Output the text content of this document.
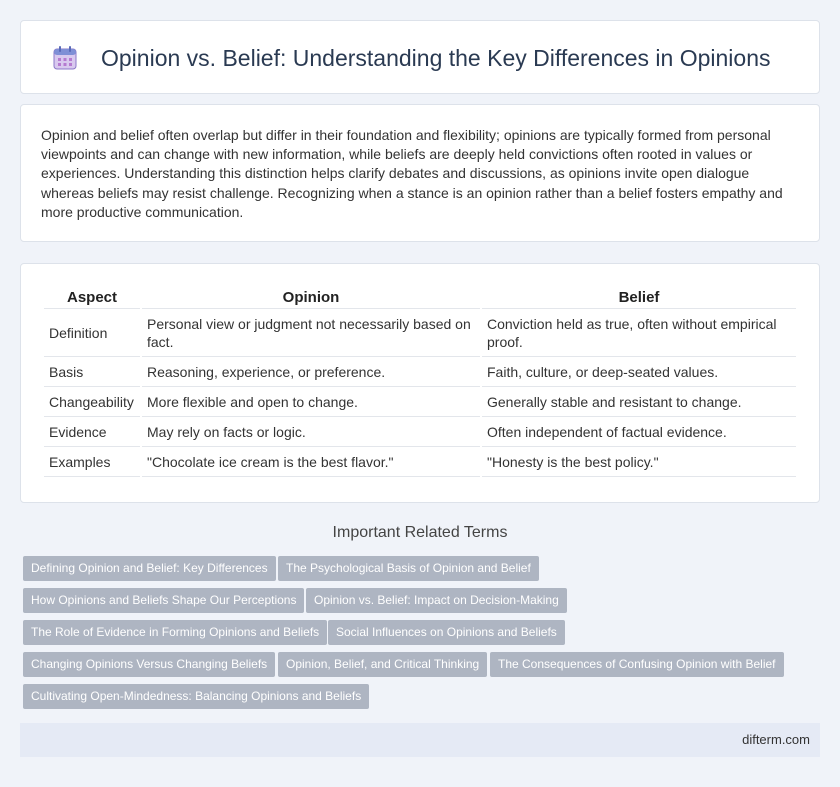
Opinion vs. Belief: Understanding the Key Differences in Opinions

Opinion and belief often overlap but differ in their foundation and flexibility; opinions are typically formed from personal viewpoints and can change with new information, while beliefs are deeply held convictions often rooted in values or experiences. Understanding this distinction helps clarify debates and discussions, as opinions invite open dialogue whereas beliefs may resist challenge. Recognizing when a stance is an opinion rather than a belief fosters empathy and more productive communication.

Aspect	Opinion	Belief
Definition	Personal view or judgment not necessarily based on fact.	Conviction held as true, often without empirical proof.
Basis	Reasoning, experience, or preference.	Faith, culture, or deep-seated values.
Changeability	More flexible and open to change.	Generally stable and resistant to change.
Evidence	May rely on facts or logic.	Often independent of factual evidence.
Examples	"Chocolate ice cream is the best flavor."	"Honesty is the best policy."
Important Related Terms
Defining Opinion and Belief: Key Differences	The Psychological Basis of Opinion and Belief
How Opinions and Beliefs Shape Our Perceptions	Opinion vs. Belief: Impact on Decision-Making
The Role of Evidence in Forming Opinions and Beliefs	Social Influences on Opinions and Beliefs
Changing Opinions Versus Changing Beliefs	Opinion, Belief, and Critical Thinking	The Consequences of Confusing Opinion with Belief
Cultivating Open-Mindedness: Balancing Opinions and Beliefs
difterm.com
